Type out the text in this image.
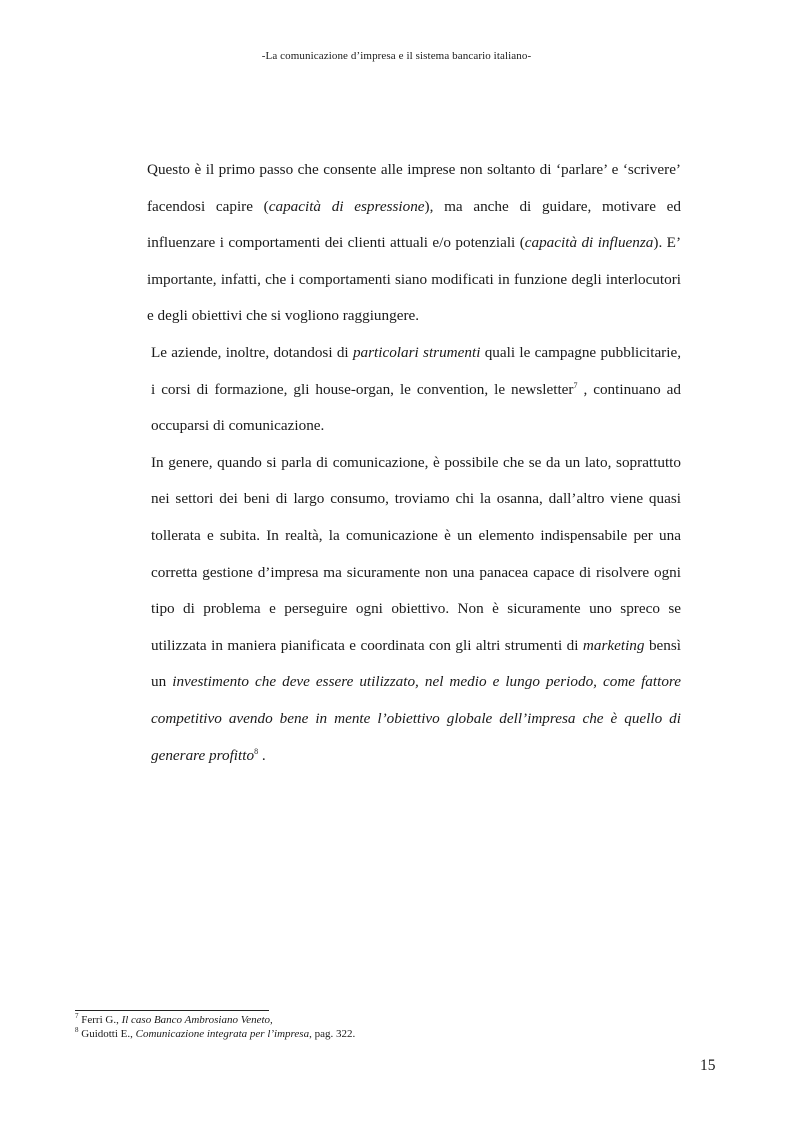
-La comunicazione d’impresa e il sistema bancario italiano-

Questo è il primo passo che consente alle imprese non soltanto di ‘parlare’ e ‘scrivere’ facendosi capire (capacità di espressione), ma anche di guidare, motivare ed influenzare i comportamenti dei clienti attuali e/o potenziali (capacità di influenza). E’ importante, infatti, che i comportamenti siano modificati in funzione degli interlocutori e degli obiettivi che si vogliono raggiungere.

Le aziende, inoltre, dotandosi di particolari strumenti quali le campagne pubblicitarie, i corsi di formazione, gli house-organ, le convention, le newsletter$^7$ , continuano ad occuparsi di comunicazione.

In genere, quando si parla di comunicazione, è possibile che se da un lato, soprattutto nei settori dei beni di largo consumo, troviamo chi la osanna, dall’altro viene quasi tollerata e subita. In realtà, la comunicazione è un elemento indispensabile per una corretta gestione d’impresa ma sicuramente non una panacea capace di risolvere ogni tipo di problema e perseguire ogni obiettivo. Non è sicuramente uno spreco se utilizzata in maniera pianificata e coordinata con gli altri strumenti di marketing bensì un investimento che deve essere utilizzato, nel medio e lungo periodo, come fattore competitivo avendo bene in mente l’obiettivo globale dell’impresa che è quello di generare profitto$^8$ .

$^7$ Ferri G., Il caso Banco Ambrosiano Veneto,
$^8$ Guidotti E., Comunicazione integrata per l’impresa, pag. 322.
15
